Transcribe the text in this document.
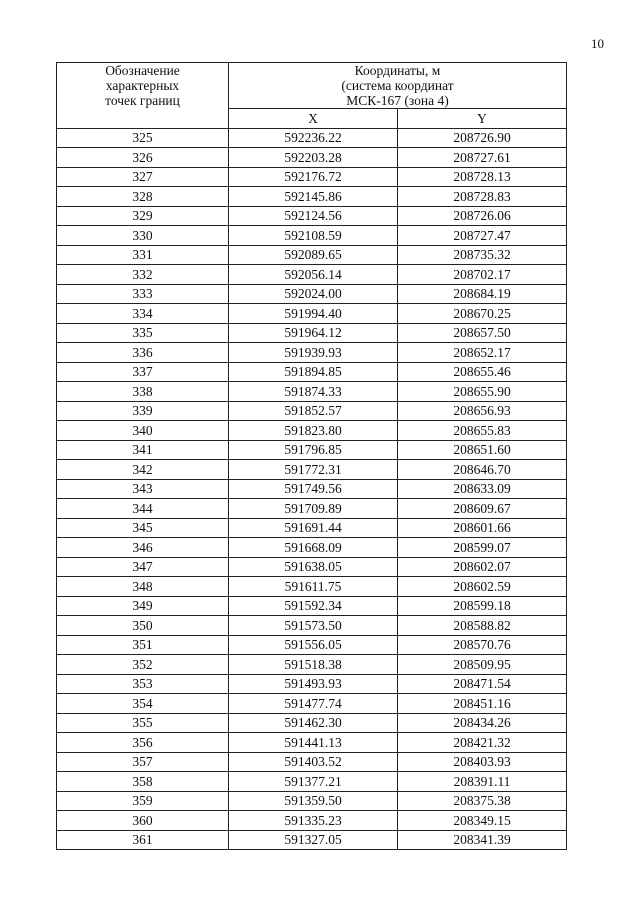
10
Обозначение
характерных
точек границ	Координаты, м
(система координат
МСК-167 (зона 4)	

	X	Y
325	592236.22	208726.90
326	592203.28	208727.61
327	592176.72	208728.13
328	592145.86	208728.83
329	592124.56	208726.06
330	592108.59	208727.47
331	592089.65	208735.32
332	592056.14	208702.17
333	592024.00	208684.19
334	591994.40	208670.25
335	591964.12	208657.50
336	591939.93	208652.17
337	591894.85	208655.46
338	591874.33	208655.90
339	591852.57	208656.93
340	591823.80	208655.83
341	591796.85	208651.60
342	591772.31	208646.70
343	591749.56	208633.09
344	591709.89	208609.67
345	591691.44	208601.66
346	591668.09	208599.07
347	591638.05	208602.07
348	591611.75	208602.59
349	591592.34	208599.18
350	591573.50	208588.82
351	591556.05	208570.76
352	591518.38	208509.95
353	591493.93	208471.54
354	591477.74	208451.16
355	591462.30	208434.26
356	591441.13	208421.32
357	591403.52	208403.93
358	591377.21	208391.11
359	591359.50	208375.38
360	591335.23	208349.15
361	591327.05	208341.39
